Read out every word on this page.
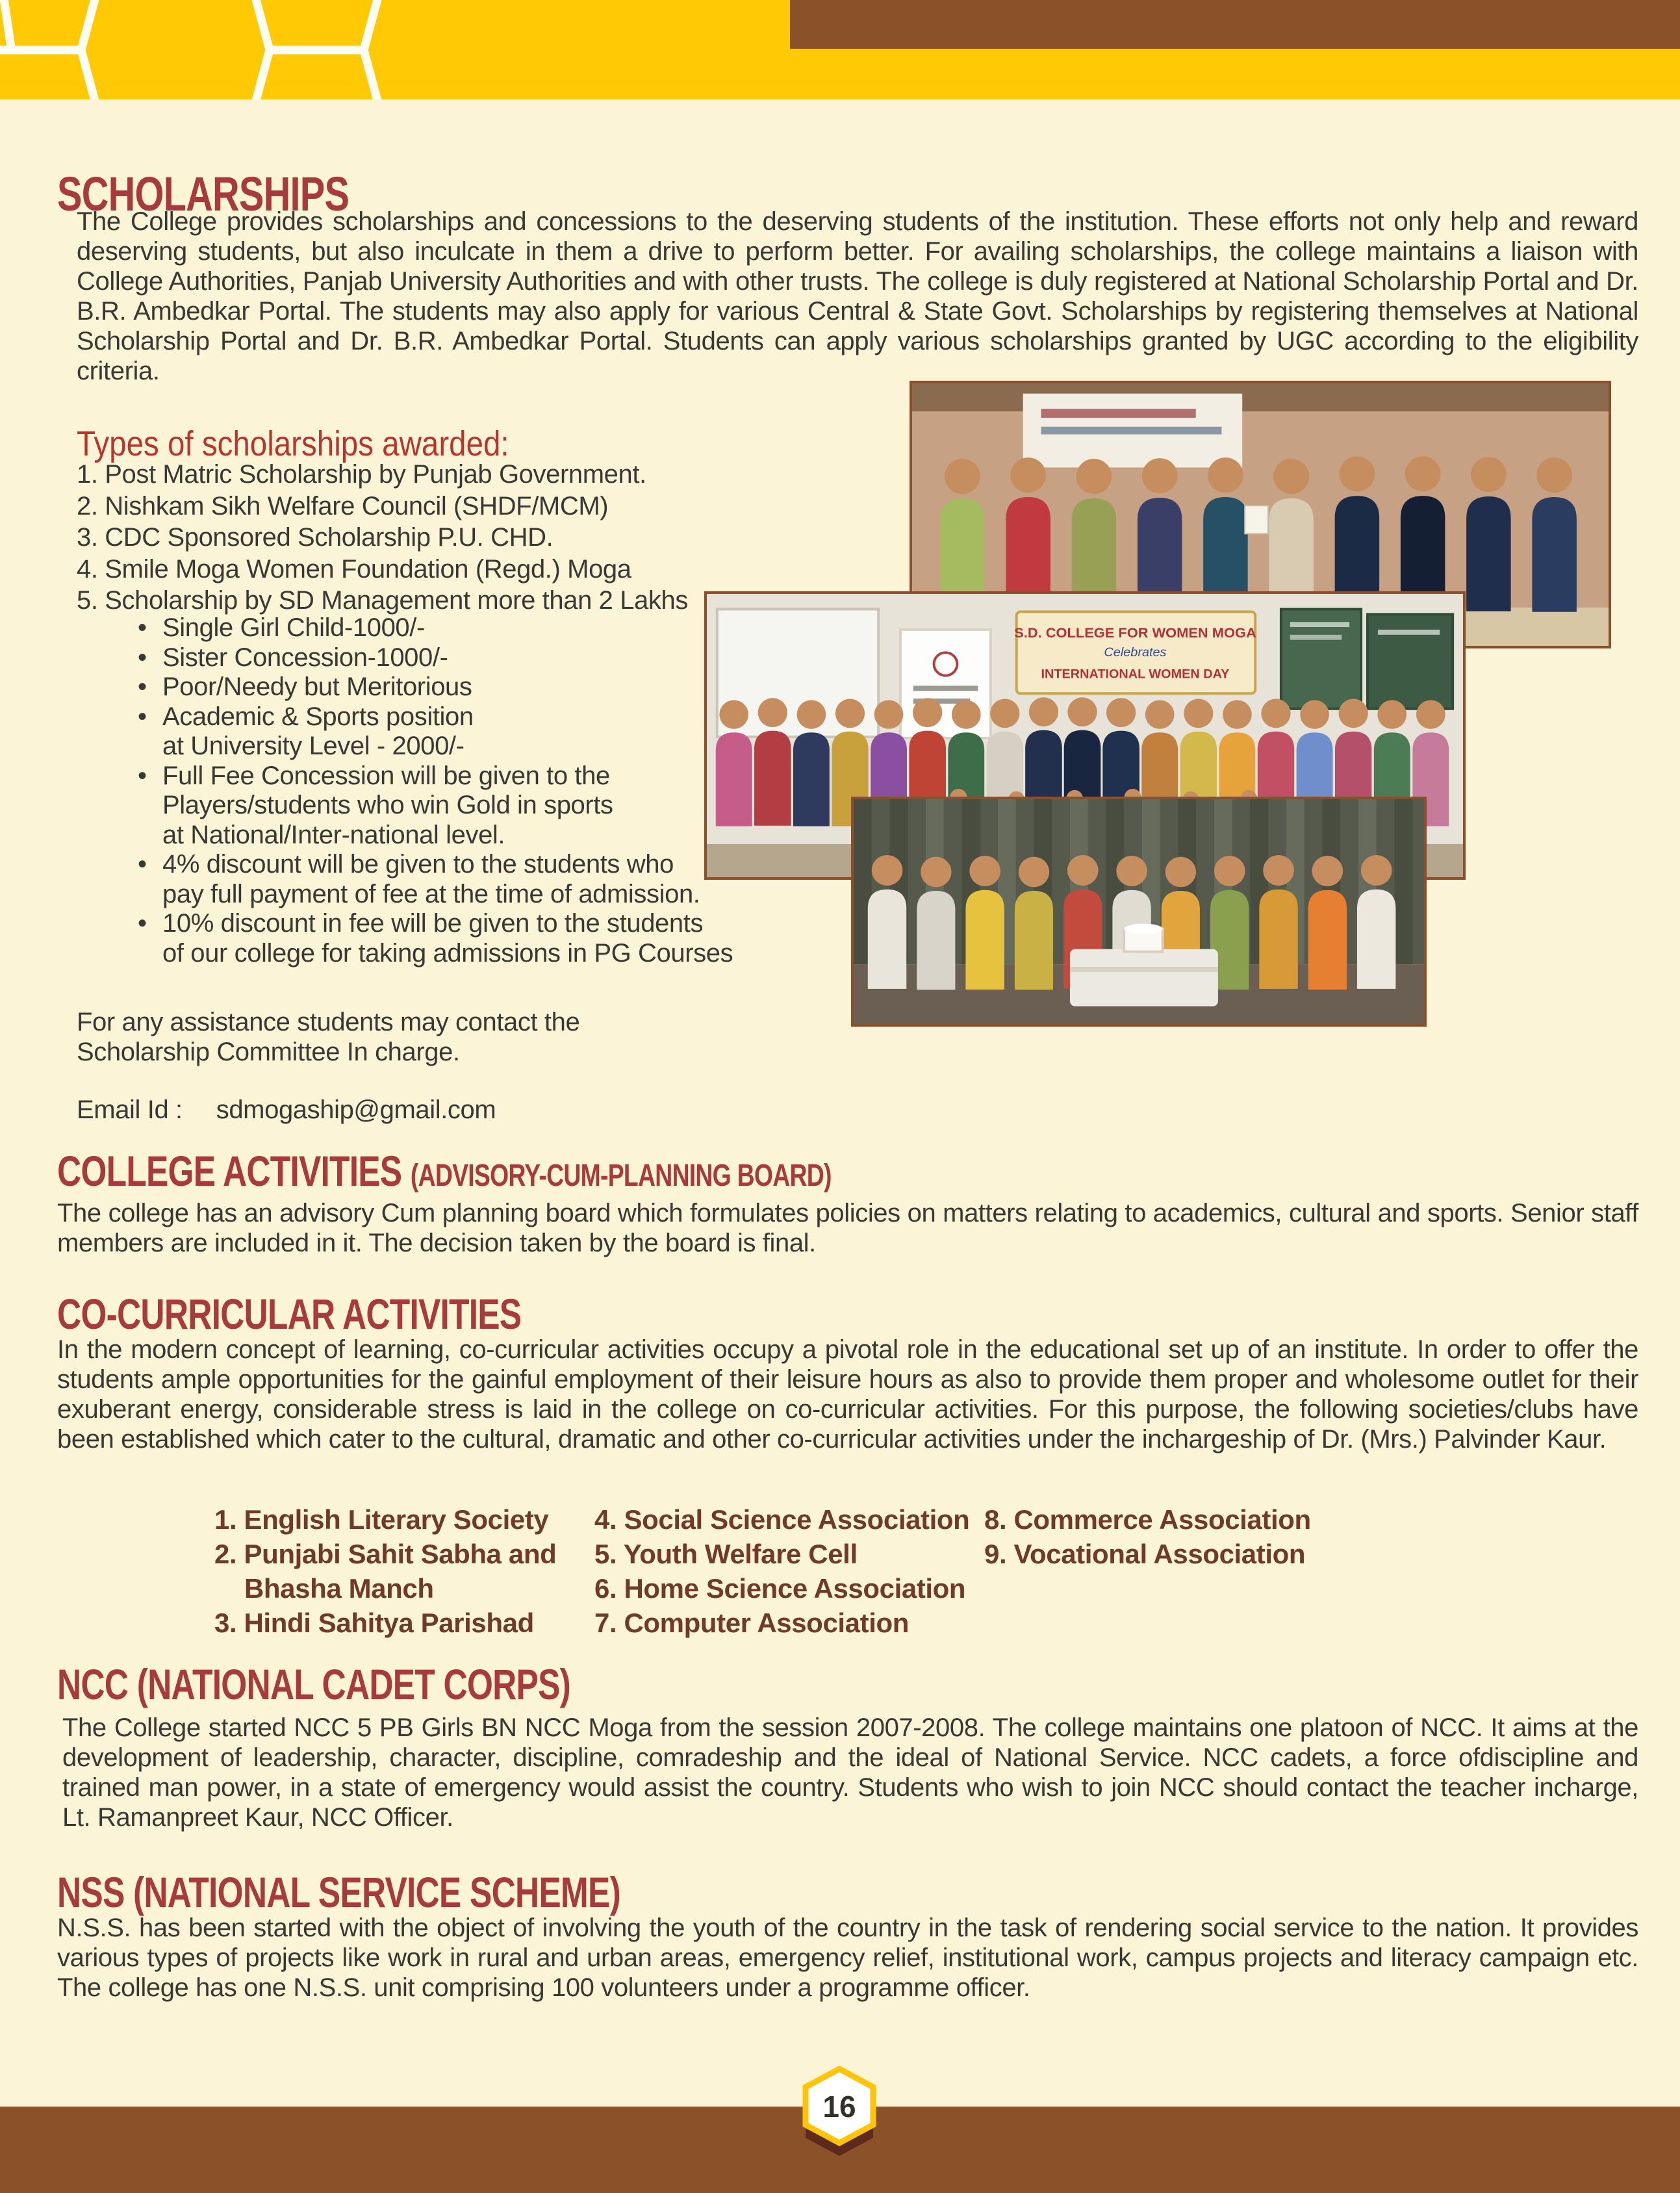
SCHOLARSHIPS
The College provides scholarships and concessions to the deserving students of the institution. These efforts not only help and reward deserving students, but also inculcate in them a drive to perform better. For availing scholarships, the college maintains a liaison with College Authorities, Panjab University Authorities and with other trusts. The college is duly registered at National Scholarship Portal and Dr. B.R. Ambedkar Portal. The students may also apply for various Central & State Govt. Scholarships by registering themselves at National Scholarship Portal and Dr. B.R. Ambedkar Portal. Students can apply various scholarships granted by UGC according to the eligibility criteria.
Types of scholarships awarded:
1. Post Matric Scholarship by Punjab Government.
2. Nishkam Sikh Welfare Council (SHDF/MCM)
3. CDC Sponsored Scholarship P.U. CHD.
4. Smile Moga Women Foundation (Regd.) Moga
5. Scholarship by SD Management more than 2 Lakhs
• Single Girl Child-1000/-
• Sister Concession-1000/-
• Poor/Needy but Meritorious
• Academic & Sports position
at University Level - 2000/-
• Full Fee Concession will be given to the
Players/students who win Gold in sports
at National/Inter-national level.
• 4% discount will be given to the students who
pay full payment of fee at the time of admission.
• 10% discount in fee will be given to the students
of our college for taking admissions in PG Courses
For any assistance students may contact the
Scholarship Committee In charge.
Email Id : sdmogaship@gmail.com
S.D. COLLEGE FOR WOMEN MOGA
Celebrates
INTERNATIONAL WOMEN DAY
COLLEGE ACTIVITIES (ADVISORY-CUM-PLANNING BOARD)
The college has an advisory Cum planning board which formulates policies on matters relating to academics, cultural and sports. Senior staff members are included in it. The decision taken by the board is final.
CO-CURRICULAR ACTIVITIES
In the modern concept of learning, co-curricular activities occupy a pivotal role in the educational set up of an institute. In order to offer the students ample opportunities for the gainful employment of their leisure hours as also to provide them proper and wholesome outlet for their exuberant energy, considerable stress is laid in the college on co-curricular activities. For this purpose, the following societies/clubs have been established which cater to the cultural, dramatic and other co-curricular activities under the inchargeship of Dr. (Mrs.) Palvinder Kaur.
1. English Literary Society
2. Punjabi Sahit Sabha and
Bhasha Manch
3. Hindi Sahitya Parishad
4. Social Science Association
5. Youth Welfare Cell
6. Home Science Association
7. Computer Association
8. Commerce Association
9. Vocational Association
NCC (NATIONAL CADET CORPS)
The College started NCC 5 PB Girls BN NCC Moga from the session 2007-2008. The college maintains one platoon of NCC. It aims at the development of leadership, character, discipline, comradeship and the ideal of National Service. NCC cadets, a force ofdiscipline and trained man power, in a state of emergency would assist the country. Students who wish to join NCC should contact the teacher incharge, Lt. Ramanpreet Kaur, NCC Officer.
NSS (NATIONAL SERVICE SCHEME)
N.S.S. has been started with the object of involving the youth of the country in the task of rendering social service to the nation. It provides various types of projects like work in rural and urban areas, emergency relief, institutional work, campus projects and literacy campaign etc. The college has one N.S.S. unit comprising 100 volunteers under a programme officer.
16
